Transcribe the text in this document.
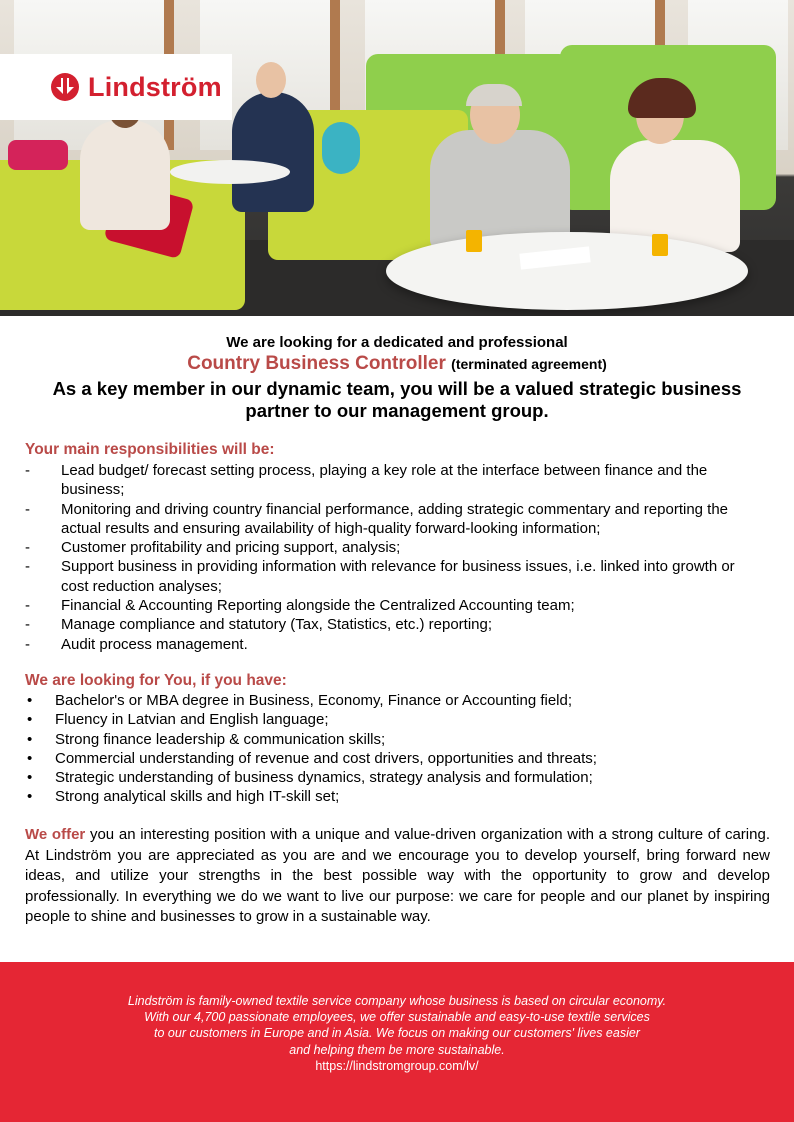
Lindström
We are looking for a dedicated and professional
Country Business Controller (terminated agreement)
As a key member in our dynamic team, you will be a valued strategic business
partner to our management group.
Your main responsibilities will be:
- Lead budget/ forecast setting process, playing a key role at the interface between finance and the business;
- Monitoring and driving country financial performance, adding strategic commentary and reporting the actual results and ensuring availability of high-quality forward-looking information;
- Customer profitability and pricing support, analysis;
- Support business in providing information with relevance for business issues, i.e. linked into growth or cost reduction analyses;
- Financial & Accounting Reporting alongside the Centralized Accounting team;
- Manage compliance and statutory (Tax, Statistics, etc.) reporting;
- Audit process management.
We are looking for You, if you have:
• Bachelor's or MBA degree in Business, Economy, Finance or Accounting field;
• Fluency in Latvian and English language;
• Strong finance leadership & communication skills;
• Commercial understanding of revenue and cost drivers, opportunities and threats;
• Strategic understanding of business dynamics, strategy analysis and formulation;
• Strong analytical skills and high IT-skill set;
We offer you an interesting position with a unique and value-driven organization with a strong culture of caring. At Lindström you are appreciated as you are and we encourage you to develop yourself, bring forward new ideas, and utilize your strengths in the best possible way with the opportunity to grow and develop professionally. In everything we do we want to live our purpose: we care for people and our planet by inspiring people to shine and businesses to grow in a sustainable way.
Lindström is family-owned textile service company whose business is based on circular economy.
With our 4,700 passionate employees, we offer sustainable and easy-to-use textile services
to our customers in Europe and in Asia. We focus on making our customers' lives easier
and helping them be more sustainable.
https://lindstromgroup.com/lv/
